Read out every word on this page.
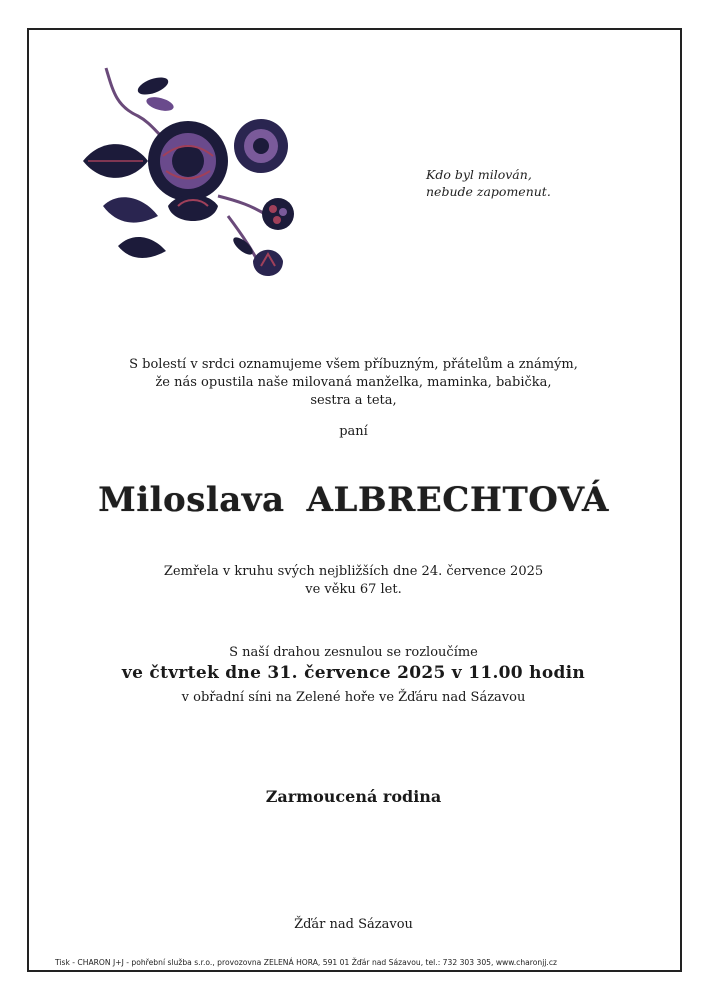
Kdo byl milován,
nebude zapomenut.
S bolestí v srdci oznamujeme všem příbuzným, přátelům a známým,
že nás opustila naše milovaná manželka, maminka, babička,
sestra a teta,
paní
Miloslava ALBRECHTOVÁ
Zemřela v kruhu svých nejbližších dne 24. července 2025
ve věku 67 let.
S naší drahou zesnulou se rozloučíme
ve čtvrtek dne 31. července 2025 v 11.00 hodin
v obřadní síni na Zelené hoře ve Žďáru nad Sázavou
Zarmoucená rodina
Žďár nad Sázavou
Tisk - CHARON J+J - pohřební služba s.r.o., provozovna ZELENÁ HORA, 591 01 Žďár nad Sázavou, tel.: 732 303 305, www.charonjj.cz
